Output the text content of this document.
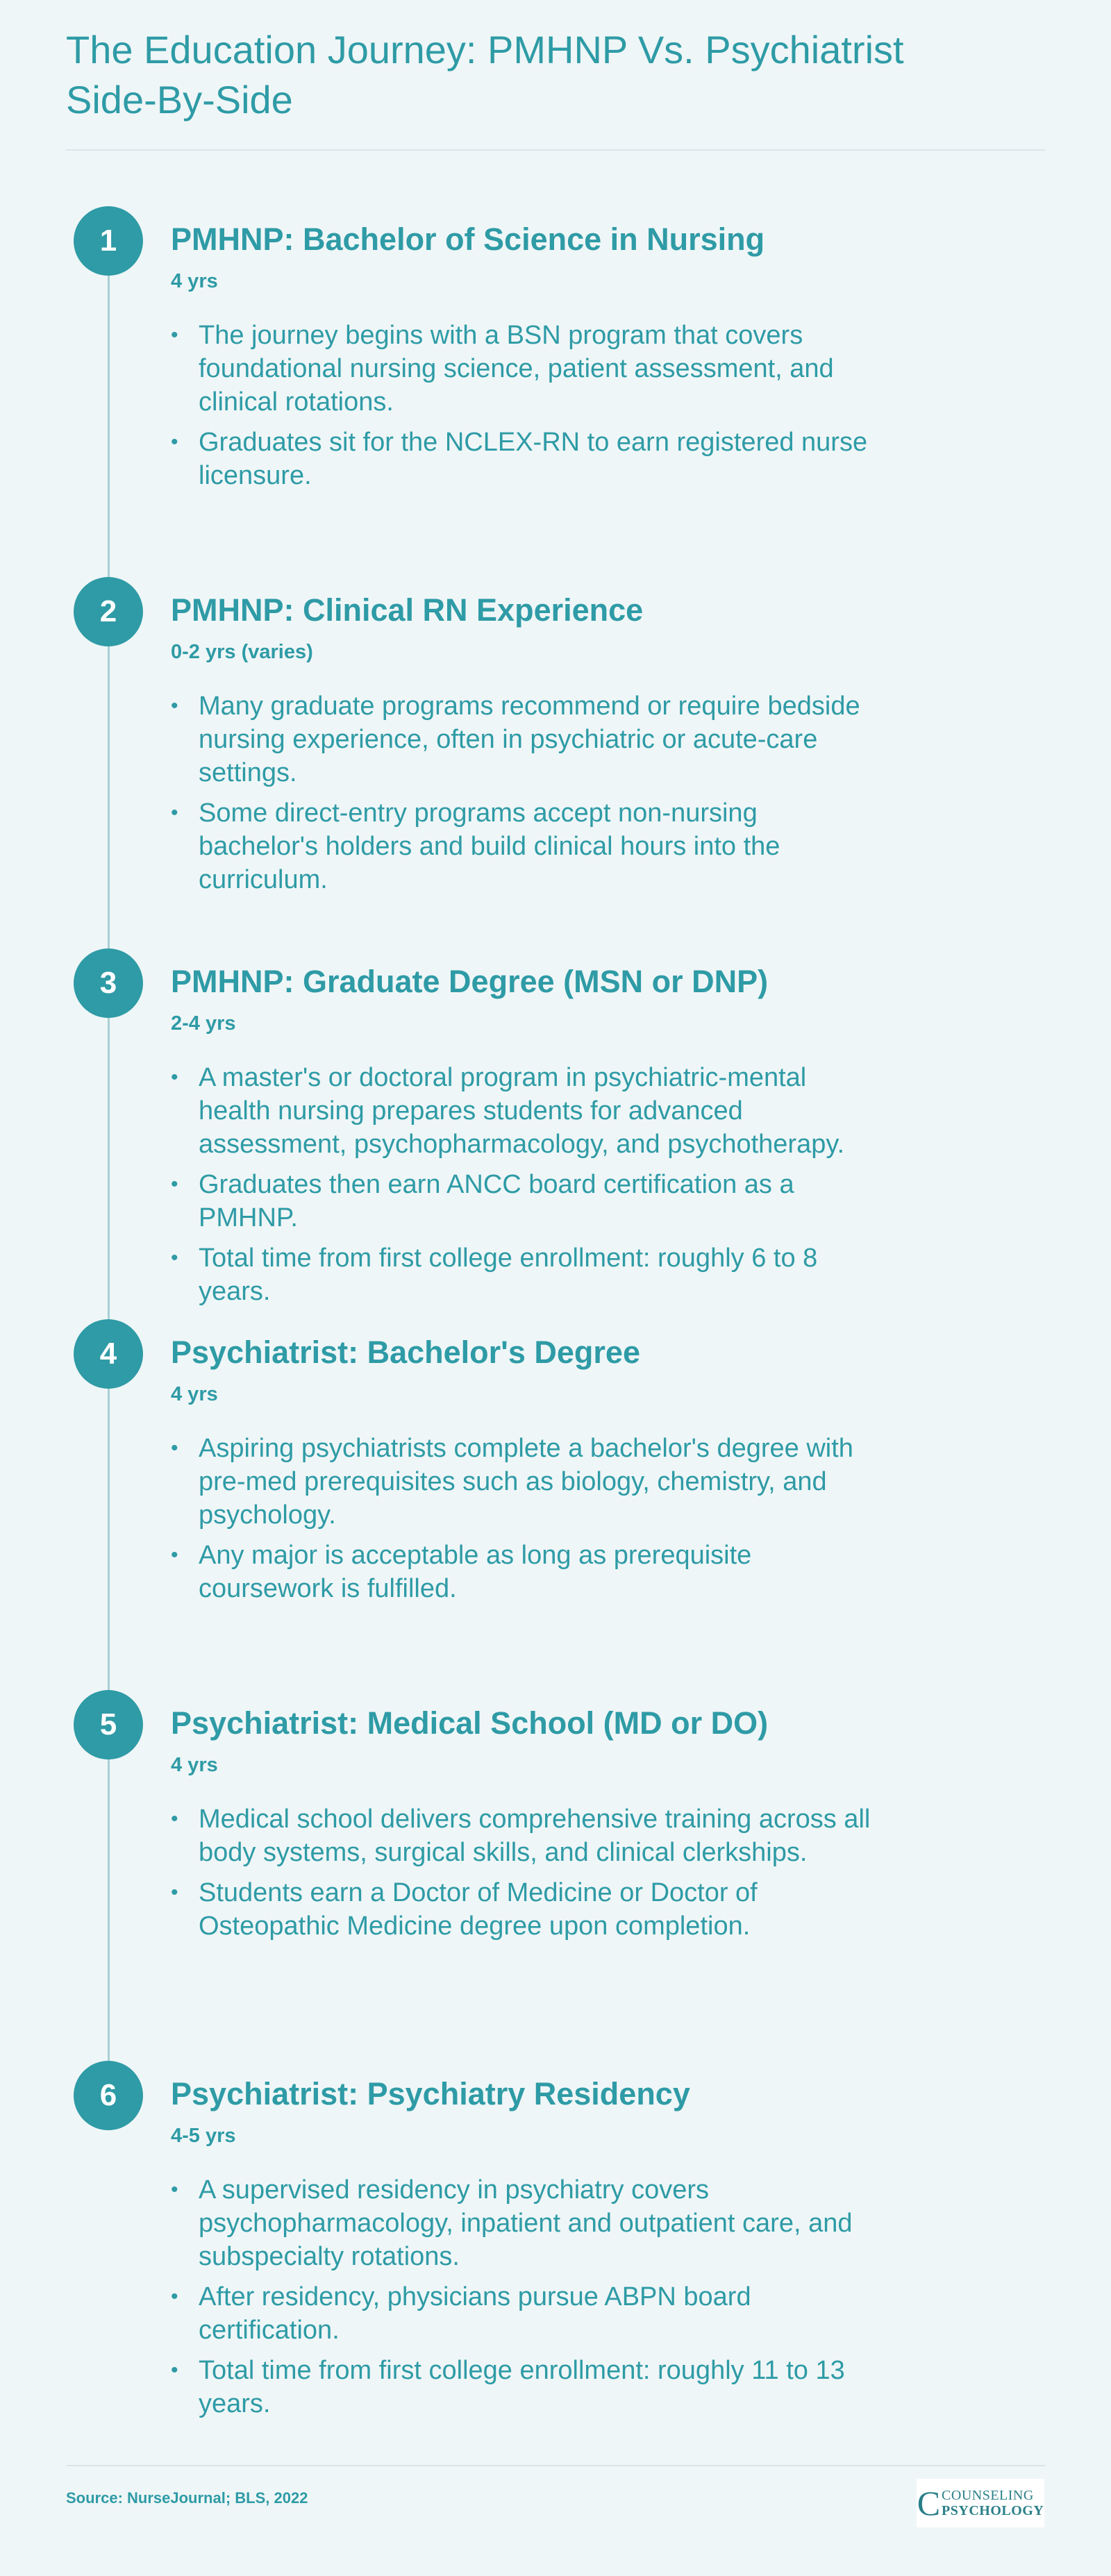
The Education Journey: PMHNP Vs. Psychiatrist Side-By-Side
1	PMHNP: Bachelor of Science in Nursing
4 yrs
• The journey begins with a BSN program that covers foundational nursing science, patient assessment, and clinical rotations.
• Graduates sit for the NCLEX-RN to earn registered nurse licensure.
2	PMHNP: Clinical RN Experience
0-2 yrs (varies)
• Many graduate programs recommend or require bedside nursing experience, often in psychiatric or acute-care settings.
• Some direct-entry programs accept non-nursing bachelor's holders and build clinical hours into the curriculum.
3	PMHNP: Graduate Degree (MSN or DNP)
2-4 yrs
• A master's or doctoral program in psychiatric-mental health nursing prepares students for advanced assessment, psychopharmacology, and psychotherapy.
• Graduates then earn ANCC board certification as a PMHNP.
• Total time from first college enrollment: roughly 6 to 8 years.
4	Psychiatrist: Bachelor's Degree
4 yrs
• Aspiring psychiatrists complete a bachelor's degree with pre-med prerequisites such as biology, chemistry, and psychology.
• Any major is acceptable as long as prerequisite coursework is fulfilled.
5	Psychiatrist: Medical School (MD or DO)
4 yrs
• Medical school delivers comprehensive training across all body systems, surgical skills, and clinical clerkships.
• Students earn a Doctor of Medicine or Doctor of Osteopathic Medicine degree upon completion.
6	Psychiatrist: Psychiatry Residency
4-5 yrs
• A supervised residency in psychiatry covers psychopharmacology, inpatient and outpatient care, and subspecialty rotations.
• After residency, physicians pursue ABPN board certification.
• Total time from first college enrollment: roughly 11 to 13 years.
Source: NurseJournal; BLS, 2022	C COUNSELING
PSYCHOLOGY
